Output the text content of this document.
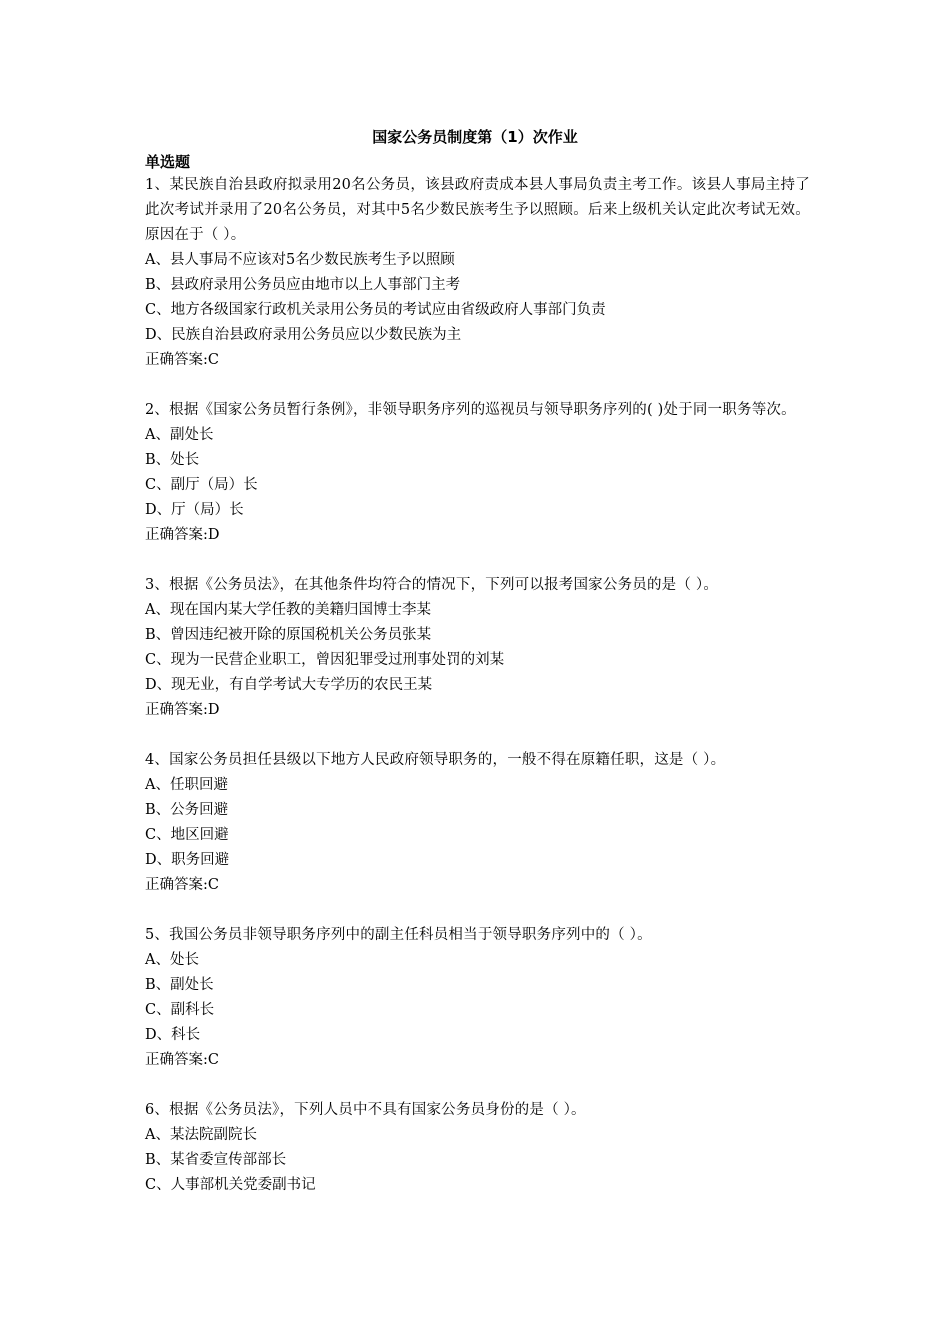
国家公务员制度第（1）次作业
单选题
1、某民族自治县政府拟录用20名公务员，该县政府责成本县人事局负责主考工作。该县人事局主持了此次考试并录用了20名公务员，对其中5名少数民族考生予以照顾。后来上级机关认定此次考试无效。原因在于（ ）。
A、县人事局不应该对5名少数民族考生予以照顾
B、县政府录用公务员应由地市以上人事部门主考
C、地方各级国家行政机关录用公务员的考试应由省级政府人事部门负责
D、民族自治县政府录用公务员应以少数民族为主
正确答案:C
2、根据《国家公务员暂行条例》，非领导职务序列的巡视员与领导职务序列的( )处于同一职务等次。
A、副处长
B、处长
C、副厅（局）长
D、厅（局）长
正确答案:D
3、根据《公务员法》，在其他条件均符合的情况下，下列可以报考国家公务员的是（ ）。
A、现在国内某大学任教的美籍归国博士李某
B、曾因违纪被开除的原国税机关公务员张某
C、现为一民营企业职工，曾因犯罪受过刑事处罚的刘某
D、现无业，有自学考试大专学历的农民王某
正确答案:D
4、国家公务员担任县级以下地方人民政府领导职务的，一般不得在原籍任职，这是（ ）。
A、任职回避
B、公务回避
C、地区回避
D、职务回避
正确答案:C
5、我国公务员非领导职务序列中的副主任科员相当于领导职务序列中的（ ）。
A、处长
B、副处长
C、副科长
D、科长
正确答案:C
6、根据《公务员法》，下列人员中不具有国家公务员身份的是（ ）。
A、某法院副院长
B、某省委宣传部部长
C、人事部机关党委副书记
